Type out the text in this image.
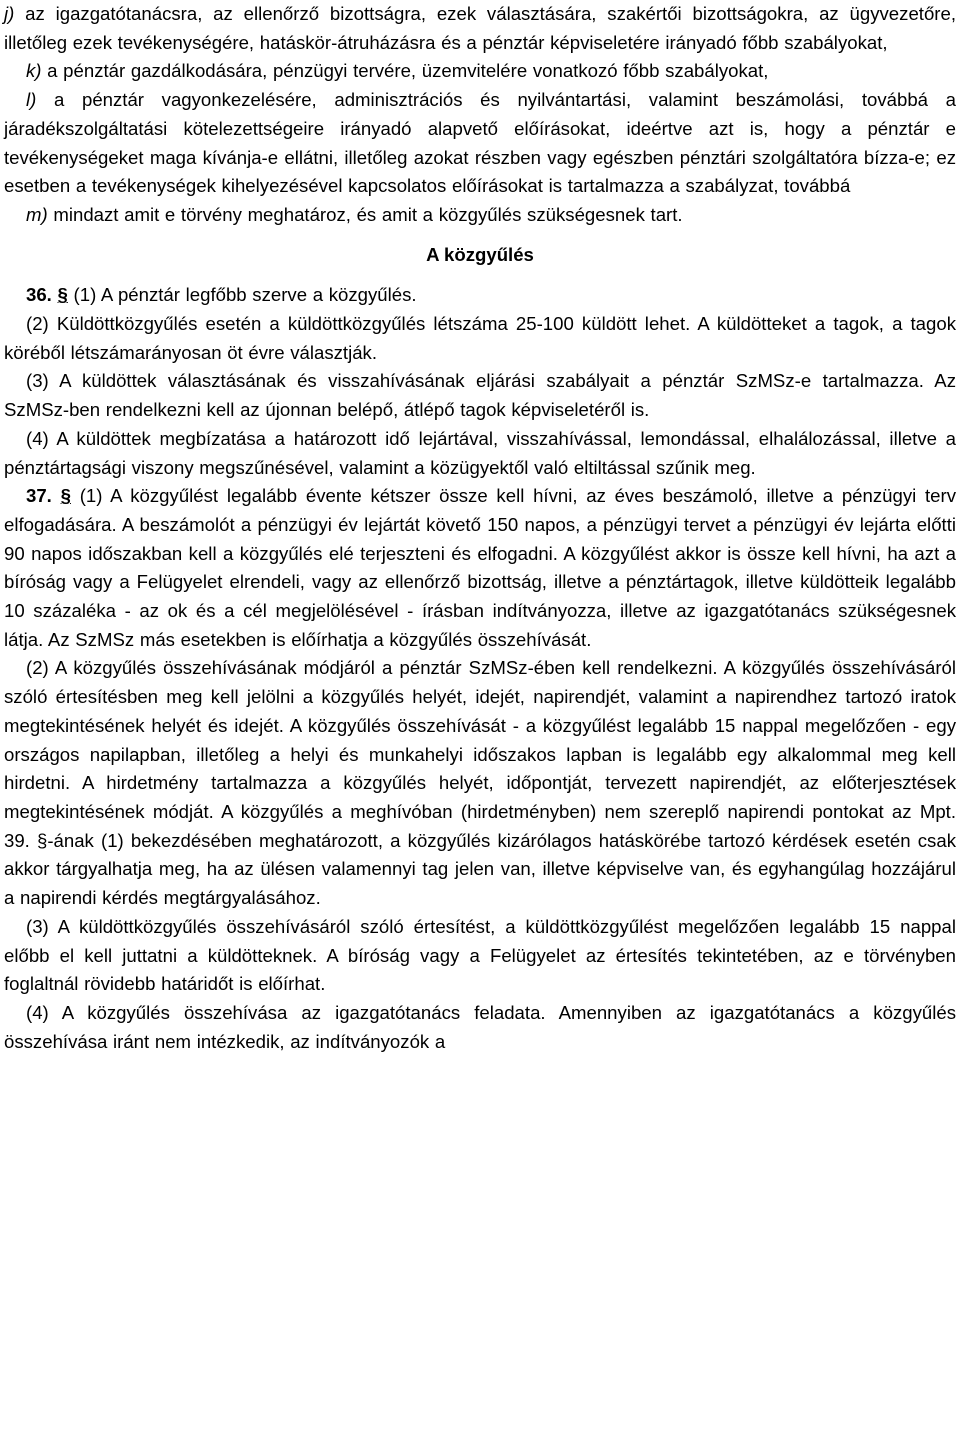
j) az igazgatótanácsra, az ellenőrző bizottságra, ezek választására, szakértői bizottságokra, az ügyvezetőre, illetőleg ezek tevékenységére, hatáskör-átruházásra és a pénztár képviseletére irányadó főbb szabályokat,

k) a pénztár gazdálkodására, pénzügyi tervére, üzemvitelére vonatkozó főbb szabályokat,

l) a pénztár vagyonkezelésére, adminisztrációs és nyilvántartási, valamint beszámolási, továbbá a járadékszolgáltatási kötelezettségeire irányadó alapvető előírásokat, ideértve azt is, hogy a pénztár e tevékenységeket maga kívánja-e ellátni, illetőleg azokat részben vagy egészben pénztári szolgáltatóra bízza-e; ez esetben a tevékenységek kihelyezésével kapcsolatos előírásokat is tartalmazza a szabályzat, továbbá

m) mindazt amit e törvény meghatároz, és amit a közgyűlés szükségesnek tart.

A közgyűlés

36. § (1) A pénztár legfőbb szerve a közgyűlés.

(2) Küldöttközgyűlés esetén a küldöttközgyűlés létszáma 25-100 küldött lehet. A küldötteket a tagok, a tagok köréből létszámarányosan öt évre választják.

(3) A küldöttek választásának és visszahívásának eljárási szabályait a pénztár SzMSz-e tartalmazza. Az SzMSz-ben rendelkezni kell az újonnan belépő, átlépő tagok képviseletéről is.

(4) A küldöttek megbízatása a határozott idő lejártával, visszahívással, lemondással, elhalálozással, illetve a pénztártagsági viszony megszűnésével, valamint a közügyektől való eltiltással szűnik meg.

37. § (1) A közgyűlést legalább évente kétszer össze kell hívni, az éves beszámoló, illetve a pénzügyi terv elfogadására. A beszámolót a pénzügyi év lejártát követő 150 napos, a pénzügyi tervet a pénzügyi év lejárta előtti 90 napos időszakban kell a közgyűlés elé terjeszteni és elfogadni. A közgyűlést akkor is össze kell hívni, ha azt a bíróság vagy a Felügyelet elrendeli, vagy az ellenőrző bizottság, illetve a pénztártagok, illetve küldötteik legalább 10 százaléka - az ok és a cél megjelölésével - írásban indítványozza, illetve az igazgatótanács szükségesnek látja. Az SzMSz más esetekben is előírhatja a közgyűlés összehívását.

(2) A közgyűlés összehívásának módjáról a pénztár SzMSz-ében kell rendelkezni. A közgyűlés összehívásáról szóló értesítésben meg kell jelölni a közgyűlés helyét, idejét, napirendjét, valamint a napirendhez tartozó iratok megtekintésének helyét és idejét. A közgyűlés összehívását - a közgyűlést legalább 15 nappal megelőzően - egy országos napilapban, illetőleg a helyi és munkahelyi időszakos lapban is legalább egy alkalommal meg kell hirdetni. A hirdetmény tartalmazza a közgyűlés helyét, időpontját, tervezett napirendjét, az előterjesztések megtekintésének módját. A közgyűlés a meghívóban (hirdetményben) nem szereplő napirendi pontokat az Mpt. 39. §-ának (1) bekezdésében meghatározott, a közgyűlés kizárólagos hatáskörébe tartozó kérdések esetén csak akkor tárgyalhatja meg, ha az ülésen valamennyi tag jelen van, illetve képviselve van, és egyhangúlag hozzájárul a napirendi kérdés megtárgyalásához.

(3) A küldöttközgyűlés összehívásáról szóló értesítést, a küldöttközgyűlést megelőzően legalább 15 nappal előbb el kell juttatni a küldötteknek. A bíróság vagy a Felügyelet az értesítés tekintetében, az e törvényben foglaltnál rövidebb határidőt is előírhat.

(4) A közgyűlés összehívása az igazgatótanács feladata. Amennyiben az igazgatótanács a közgyűlés összehívása iránt nem intézkedik, az indítványozók a
